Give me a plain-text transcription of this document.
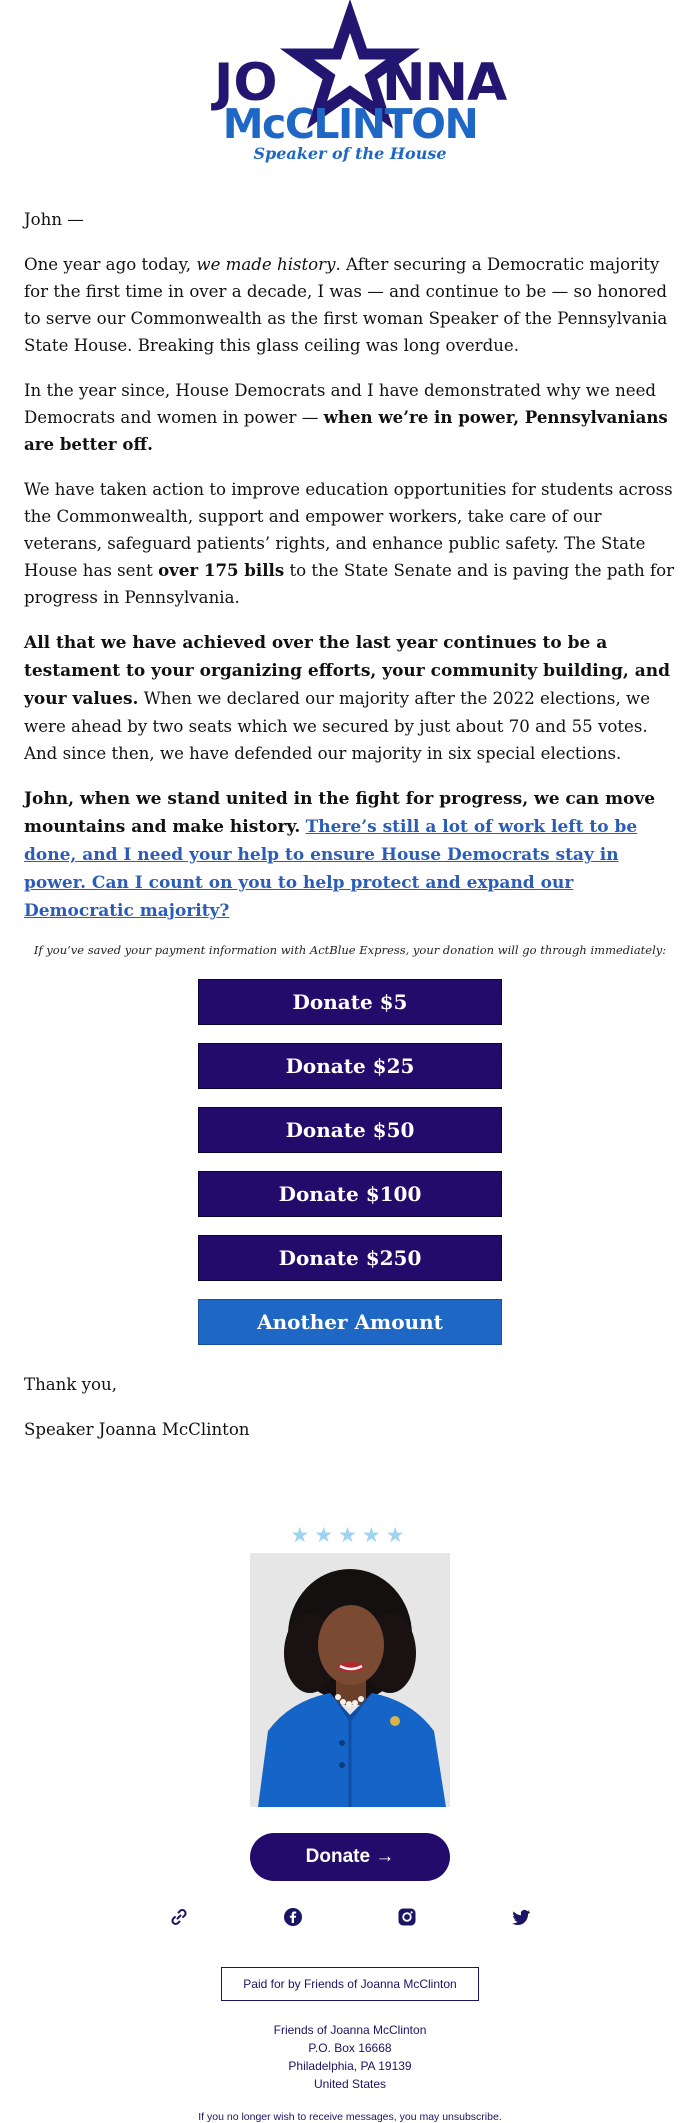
JO NNA
McCLINTON
Speaker of the House

John —

One year ago today, we made history. After securing a Democratic majority for the first time in over a decade, I was — and continue to be — so honored to serve our Commonwealth as the first woman Speaker of the Pennsylvania State House. Breaking this glass ceiling was long overdue.

In the year since, House Democrats and I have demonstrated why we need Democrats and women in power — when we’re in power, Pennsylvanians are better off.

We have taken action to improve education opportunities for students across the Commonwealth, support and empower workers, take care of our veterans, safeguard patients’ rights, and enhance public safety. The State House has sent over 175 bills to the State Senate and is paving the path for progress in Pennsylvania.

All that we have achieved over the last year continues to be a testament to your organizing efforts, your community building, and your values. When we declared our majority after the 2022 elections, we were ahead by two seats which we secured by just about 70 and 55 votes. And since then, we have defended our majority in six special elections.

John, when we stand united in the fight for progress, we can move mountains and make history. There’s still a lot of work left to be done, and I need your help to ensure House Democrats stay in power. Can I count on you to help protect and expand our Democratic majority?

If you’ve saved your payment information with ActBlue Express, your donation will go through immediately:
Donate $5
Donate $25
Donate $50
Donate $100
Donate $250
Another Amount

Thank you,

Speaker Joanna McClinton

★★★★★
Donate →
Paid for by Friends of Joanna McClinton
Friends of Joanna McClinton
P.O. Box 16668
Philadelphia, PA 19139
United States
If you no longer wish to receive messages, you may unsubscribe.
